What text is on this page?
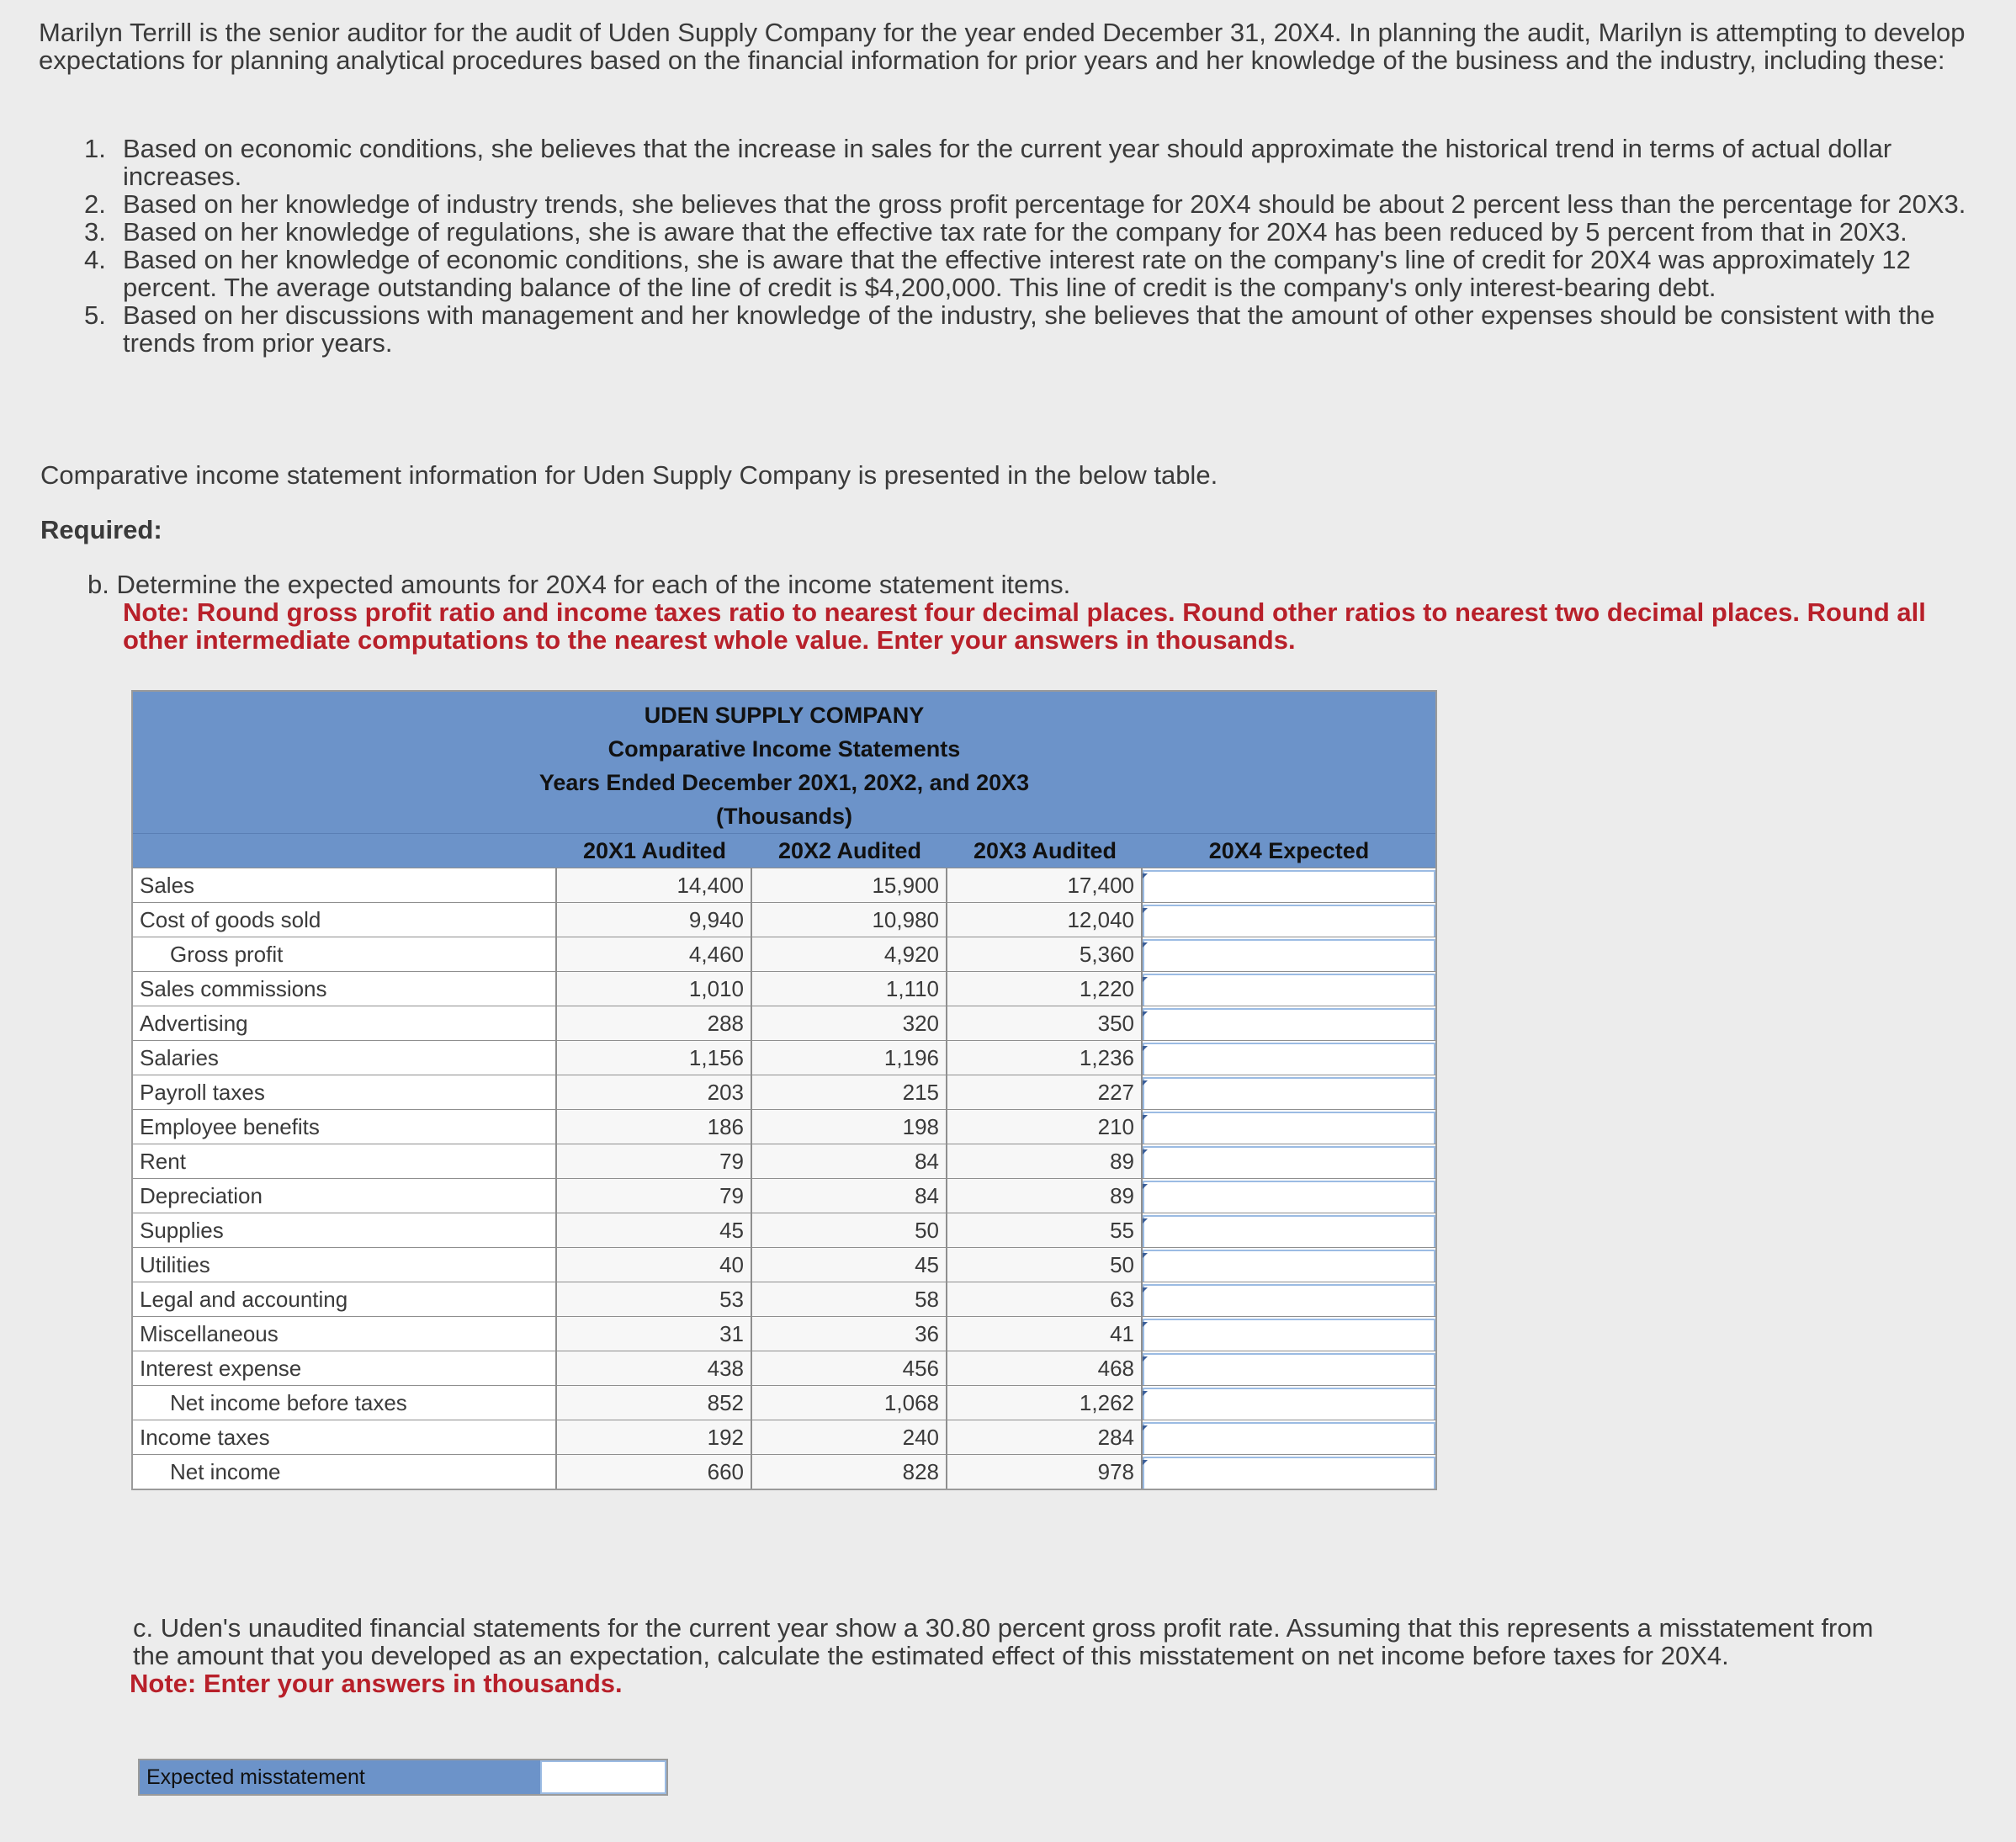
Marilyn Terrill is the senior auditor for the audit of Uden Supply Company for the year ended December 31, 20X4. In planning the audit, Marilyn is attempting to develop expectations for planning analytical procedures based on the financial information for prior years and her knowledge of the business and the industry, including these:

1. Based on economic conditions, she believes that the increase in sales for the current year should approximate the historical trend in terms of actual dollar increases.
2. Based on her knowledge of industry trends, she believes that the gross profit percentage for 20X4 should be about 2 percent less than the percentage for 20X3.
3. Based on her knowledge of regulations, she is aware that the effective tax rate for the company for 20X4 has been reduced by 5 percent from that in 20X3.
4. Based on her knowledge of economic conditions, she is aware that the effective interest rate on the company's line of credit for 20X4 was approximately 12 percent. The average outstanding balance of the line of credit is $4,200,000. This line of credit is the company's only interest-bearing debt.
5. Based on her discussions with management and her knowledge of the industry, she believes that the amount of other expenses should be consistent with the trends from prior years.

Comparative income statement information for Uden Supply Company is presented in the below table.

Required:

b. Determine the expected amounts for 20X4 for each of the income statement items.
Note: Round gross profit ratio and income taxes ratio to nearest four decimal places. Round other ratios to nearest two decimal places. Round all other intermediate computations to the nearest whole value. Enter your answers in thousands.

UDEN SUPPLY COMPANY
Comparative Income Statements
Years Ended December 20X1, 20X2, and 20X3
(Thousands)
20X1 Audited	20X2 Audited	20X3 Audited	20X4 Expected
Sales	14,400	15,900	17,400
Cost of goods sold	9,940	10,980	12,040
Gross profit	4,460	4,920	5,360
Sales commissions	1,010	1,110	1,220
Advertising	288	320	350
Salaries	1,156	1,196	1,236
Payroll taxes	203	215	227
Employee benefits	186	198	210
Rent	79	84	89
Depreciation	79	84	89
Supplies	45	50	55
Utilities	40	45	50
Legal and accounting	53	58	63
Miscellaneous	31	36	41
Interest expense	438	456	468
Net income before taxes	852	1,068	1,262
Income taxes	192	240	284
Net income	660	828	978

c. Uden's unaudited financial statements for the current year show a 30.80 percent gross profit rate. Assuming that this represents a misstatement from the amount that you developed as an expectation, calculate the estimated effect of this misstatement on net income before taxes for 20X4.
Note: Enter your answers in thousands.

Expected misstatement
